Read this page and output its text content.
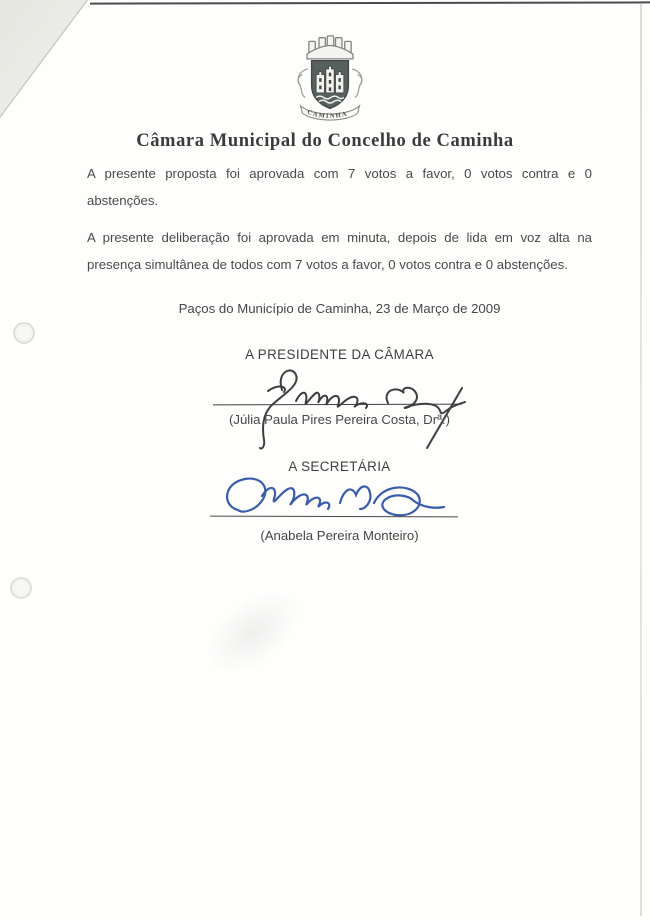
CAMINHA
Câmara Municipal do Concelho de Caminha
A presente proposta foi aprovada com 7 votos a favor, 0 votos contra e 0
abstenções.
A presente deliberação foi aprovada em minuta, depois de lida em voz alta na
presença simultânea de todos com 7 votos a favor, 0 votos contra e 0 abstenções.
Paços do Município de Caminha, 23 de Março de 2009
A PRESIDENTE DA CÂMARA
(Júlia Paula Pires Pereira Costa, Drª.)
A SECRETÁRIA
(Anabela Pereira Monteiro)
